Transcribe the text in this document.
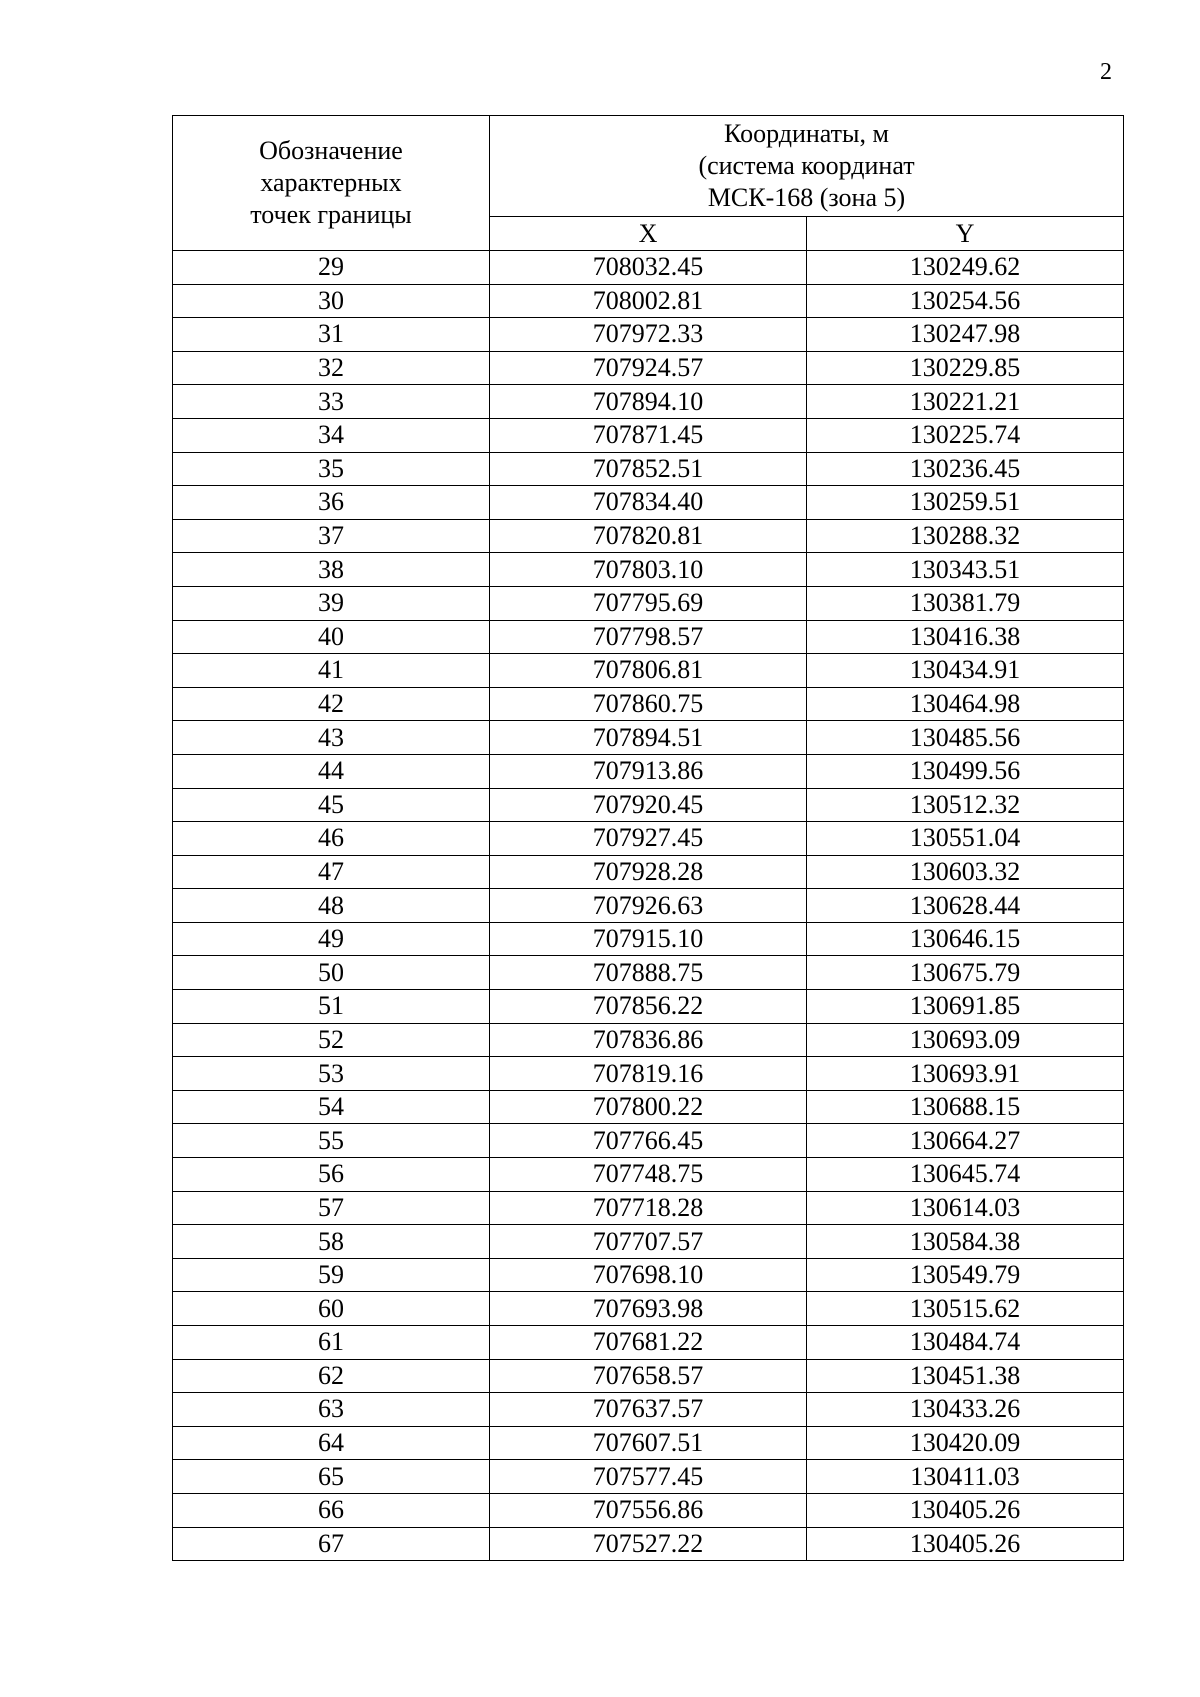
2
Обозначение
характерных
точек границы	Координаты, м
(система координат
МСК-168 (зона 5)	

	X	Y
29	708032.45	130249.62
30	708002.81	130254.56
31	707972.33	130247.98
32	707924.57	130229.85
33	707894.10	130221.21
34	707871.45	130225.74
35	707852.51	130236.45
36	707834.40	130259.51
37	707820.81	130288.32
38	707803.10	130343.51
39	707795.69	130381.79
40	707798.57	130416.38
41	707806.81	130434.91
42	707860.75	130464.98
43	707894.51	130485.56
44	707913.86	130499.56
45	707920.45	130512.32
46	707927.45	130551.04
47	707928.28	130603.32
48	707926.63	130628.44
49	707915.10	130646.15
50	707888.75	130675.79
51	707856.22	130691.85
52	707836.86	130693.09
53	707819.16	130693.91
54	707800.22	130688.15
55	707766.45	130664.27
56	707748.75	130645.74
57	707718.28	130614.03
58	707707.57	130584.38
59	707698.10	130549.79
60	707693.98	130515.62
61	707681.22	130484.74
62	707658.57	130451.38
63	707637.57	130433.26
64	707607.51	130420.09
65	707577.45	130411.03
66	707556.86	130405.26
67	707527.22	130405.26
